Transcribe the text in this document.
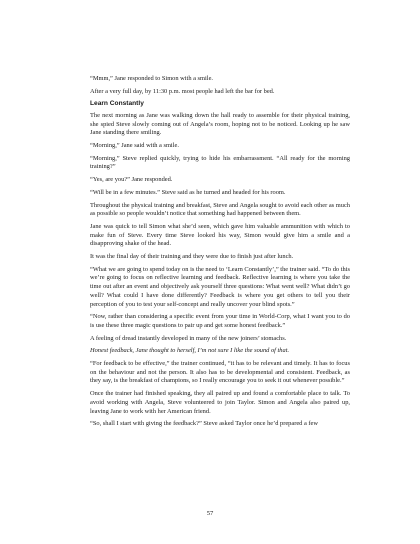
“Mmm,” Jane responded to Simon with a smile.

After a very full day, by 11:30 p.m. most people had left the bar for bed.

Learn Constantly

The next morning as Jane was walking down the hall ready to assemble for their physical training, she spied Steve slowly coming out of Angela’s room, hoping not to be noticed. Looking up he saw Jane standing there smiling.

“Morning,” Jane said with a smile.

“Morning,” Steve replied quickly, trying to hide his embarrassment. “All ready for the morning training?”

“Yes, are you?” Jane responded.

“Will be in a few minutes.” Steve said as he turned and headed for his room.

Throughout the physical training and breakfast, Steve and Angela sought to avoid each other as much as possible so people wouldn’t notice that something had happened between them.

Jane was quick to tell Simon what she’d seen, which gave him valuable ammunition with which to make fun of Steve. Every time Steve looked his way, Simon would give him a smile and a disapproving shake of the head.

It was the final day of their training and they were due to finish just after lunch.

“What we are going to spend today on is the need to ‘Learn Constantly’,” the trainer said. “To do this we’re going to focus on reflective learning and feedback. Reflective learning is where you take the time out after an event and objectively ask yourself three questions: What went well? What didn’t go well? What could I have done differently? Feedback is where you get others to tell you their perception of you to test your self-concept and really uncover your blind spots.”

“Now, rather than considering a specific event from your time in World-Corp, what I want you to do is use these three magic questions to pair up and get some honest feedback.”

A feeling of dread instantly developed in many of the new joiners’ stomachs.

Honest feedback, Jane thought to herself, I’m not sure I like the sound of that.

“For feedback to be effective,” the trainer continued, “it has to be relevant and timely. It has to focus on the behaviour and not the person. It also has to be developmental and consistent. Feedback, as they say, is the breakfast of champions, so I really encourage you to seek it out whenever possible.”

Once the trainer had finished speaking, they all paired up and found a comfortable place to talk. To avoid working with Angela, Steve volunteered to join Taylor. Simon and Angela also paired up, leaving Jane to work with her American friend.

“So, shall I start with giving the feedback?” Steve asked Taylor once he’d prepared a few

57
